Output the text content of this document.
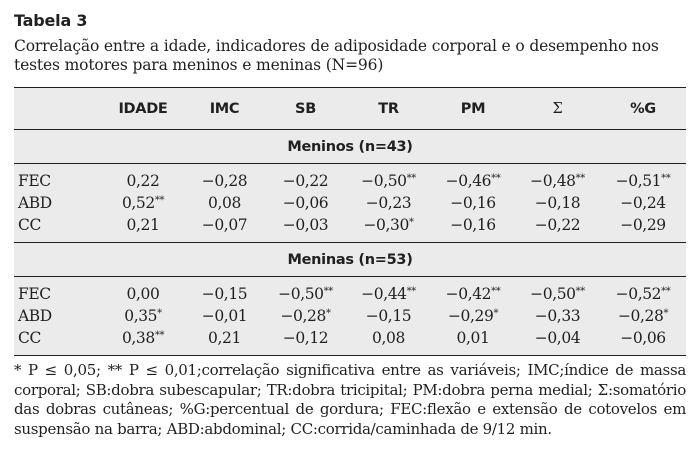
Tabela 3
Correlação entre a idade, indicadores de adiposidade corporal e o desempenho nos testes motores para meninos e meninas (N=96)
	IDADE	IMC	SB	TR	PM	Σ	%G
Meninos (n=43)							
FEC	0,22	−0,28	−0,22	−0,50**	−0,46**	−0,48**	−0,51**
ABD	0,52**	0,08	−0,06	−0,23	−0,16	−0,18	−0,24
CC	0,21	−0,07	−0,03	−0,30*	−0,16	−0,22	−0,29
Meninas (n=53)							
FEC	0,00	−0,15	−0,50**	−0,44**	−0,42**	−0,50**	−0,52**
ABD	0,35*	−0,01	−0,28*	−0,15	−0,29*	−0,33	−0,28*
CC	0,38**	0,21	−0,12	0,08	0,01	−0,04	−0,06
* P ≤ 0,05; ** P ≤ 0,01;correlação significativa entre as variáveis; IMC;índice de massa corporal; SB:dobra subescapular; TR:dobra tricipital; PM:dobra perna medial; Σ:somatório das dobras cutâneas; %G:percentual de gordura; FEC:flexão e extensão de cotovelos em suspensão na barra; ABD:abdominal; CC:corrida/caminhada de 9/12 min.
